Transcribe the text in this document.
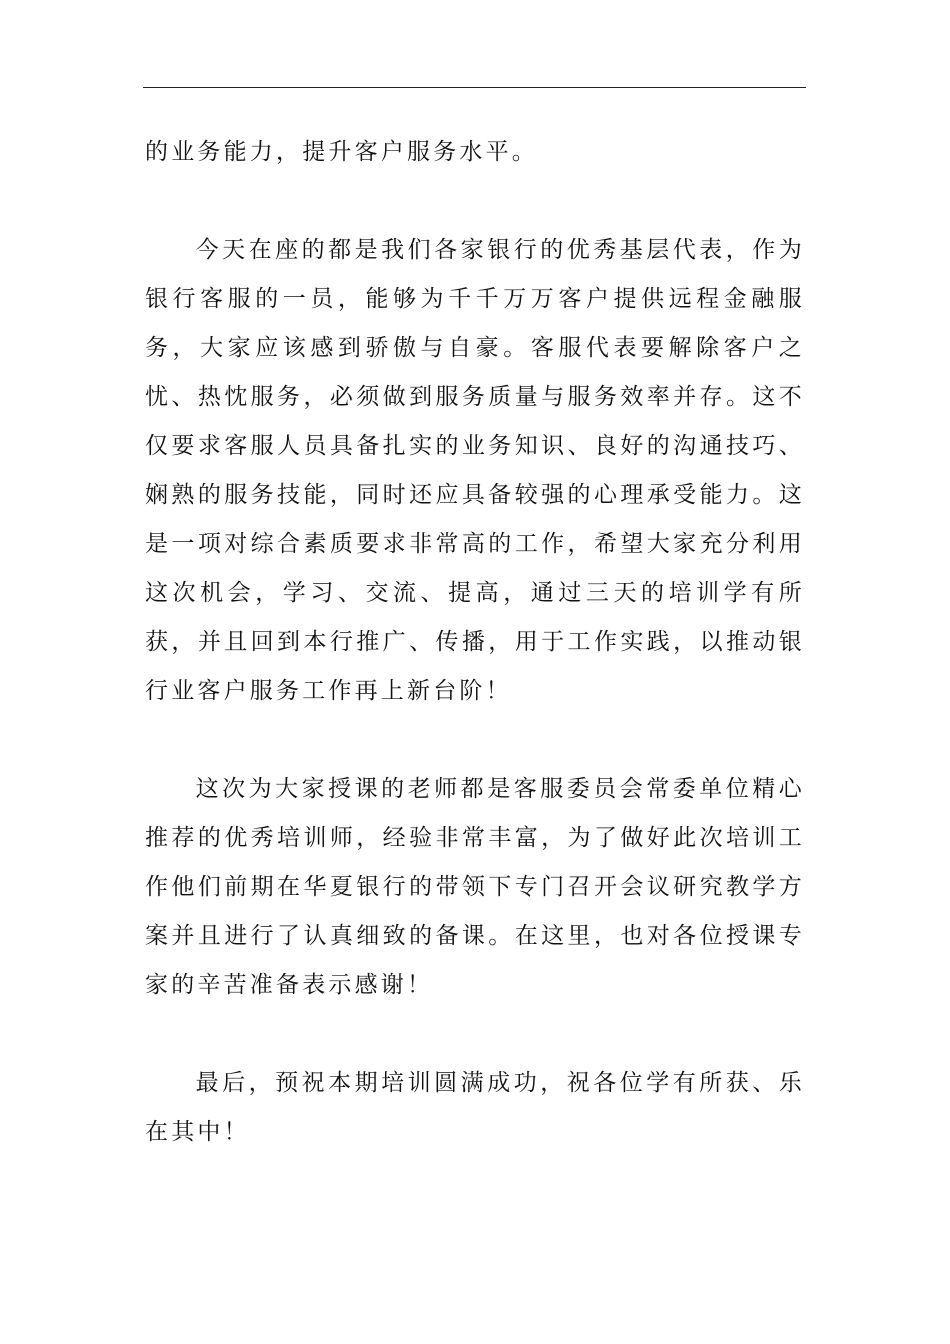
的业务能力，提升客户服务水平。

今天在座的都是我们各家银行的优秀基层代表，作为银行客服的一员，能够为千千万万客户提供远程金融服务，大家应该感到骄傲与自豪。客服代表要解除客户之忧、热忱服务，必须做到服务质量与服务效率并存。这不仅要求客服人员具备扎实的业务知识、良好的沟通技巧、娴熟的服务技能，同时还应具备较强的心理承受能力。这是一项对综合素质要求非常高的工作，希望大家充分利用这次机会，学习、交流、提高，通过三天的培训学有所获，并且回到本行推广、传播，用于工作实践，以推动银行业客户服务工作再上新台阶！

这次为大家授课的老师都是客服委员会常委单位精心推荐的优秀培训师，经验非常丰富，为了做好此次培训工作他们前期在华夏银行的带领下专门召开会议研究教学方案并且进行了认真细致的备课。在这里，也对各位授课专家的辛苦准备表示感谢！

最后，预祝本期培训圆满成功，祝各位学有所获、乐在其中！
